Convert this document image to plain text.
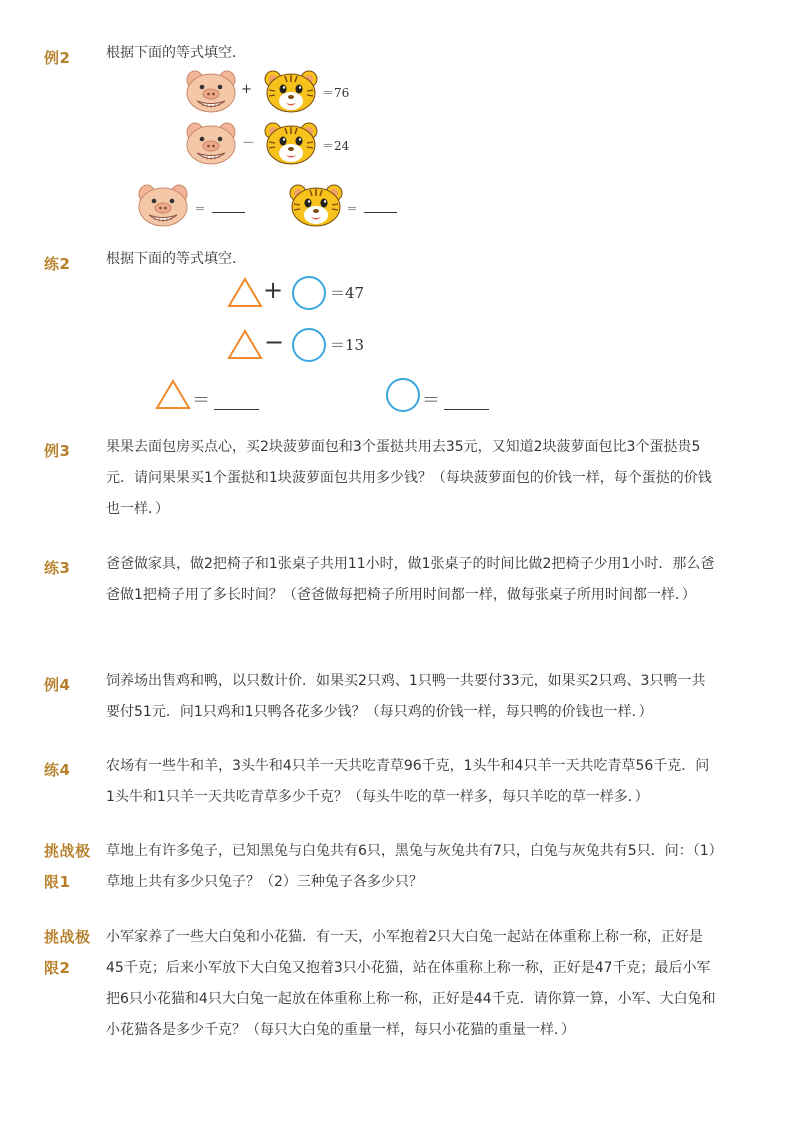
例2	根据下面的等式填空．
+	＝76
－	＝24
＝	＝
练2	根据下面的等式填空．
+	＝47
−	＝13
＝	＝
例3	果果去面包房买点心，买2块菠萝面包和3个蛋挞共用去35元，又知道2块菠萝面包比3个蛋挞贵5元．请问果果买1个蛋挞和1块菠萝面包共用多少钱？（每块菠萝面包的价钱一样，每个蛋挞的价钱也一样．）

练3	爸爸做家具，做2把椅子和1张桌子共用11小时，做1张桌子的时间比做2把椅子少用1小时．那么爸爸做1把椅子用了多长时间？（爸爸做每把椅子所用时间都一样，做每张桌子所用时间都一样．）

例4	饲养场出售鸡和鸭，以只数计价．如果买2只鸡、1只鸭一共要付33元，如果买2只鸡、3只鸭一共要付51元．问1只鸡和1只鸭各花多少钱？（每只鸡的价钱一样，每只鸭的价钱也一样．）

练4	农场有一些牛和羊，3头牛和4只羊一天共吃青草96千克，1头牛和4只羊一天共吃青草56千克．问1头牛和1只羊一天共吃青草多少千克？（每头牛吃的草一样多，每只羊吃的草一样多．）

挑战极
限1

草地上有许多兔子，已知黑兔与白兔共有6只，黑兔与灰兔共有7只，白兔与灰兔共有5只．问：（1）草地上共有多少只兔子？（2）三种兔子各多少只？

挑战极
限2

小军家养了一些大白兔和小花猫．有一天，小军抱着2只大白兔一起站在体重称上称一称，正好是45千克；后来小军放下大白兔又抱着3只小花猫，站在体重称上称一称，正好是47千克；最后小军把6只小花猫和4只大白兔一起放在体重称上称一称，正好是44千克．请你算一算，小军、大白兔和小花猫各是多少千克？（每只大白兔的重量一样，每只小花猫的重量一样．）
